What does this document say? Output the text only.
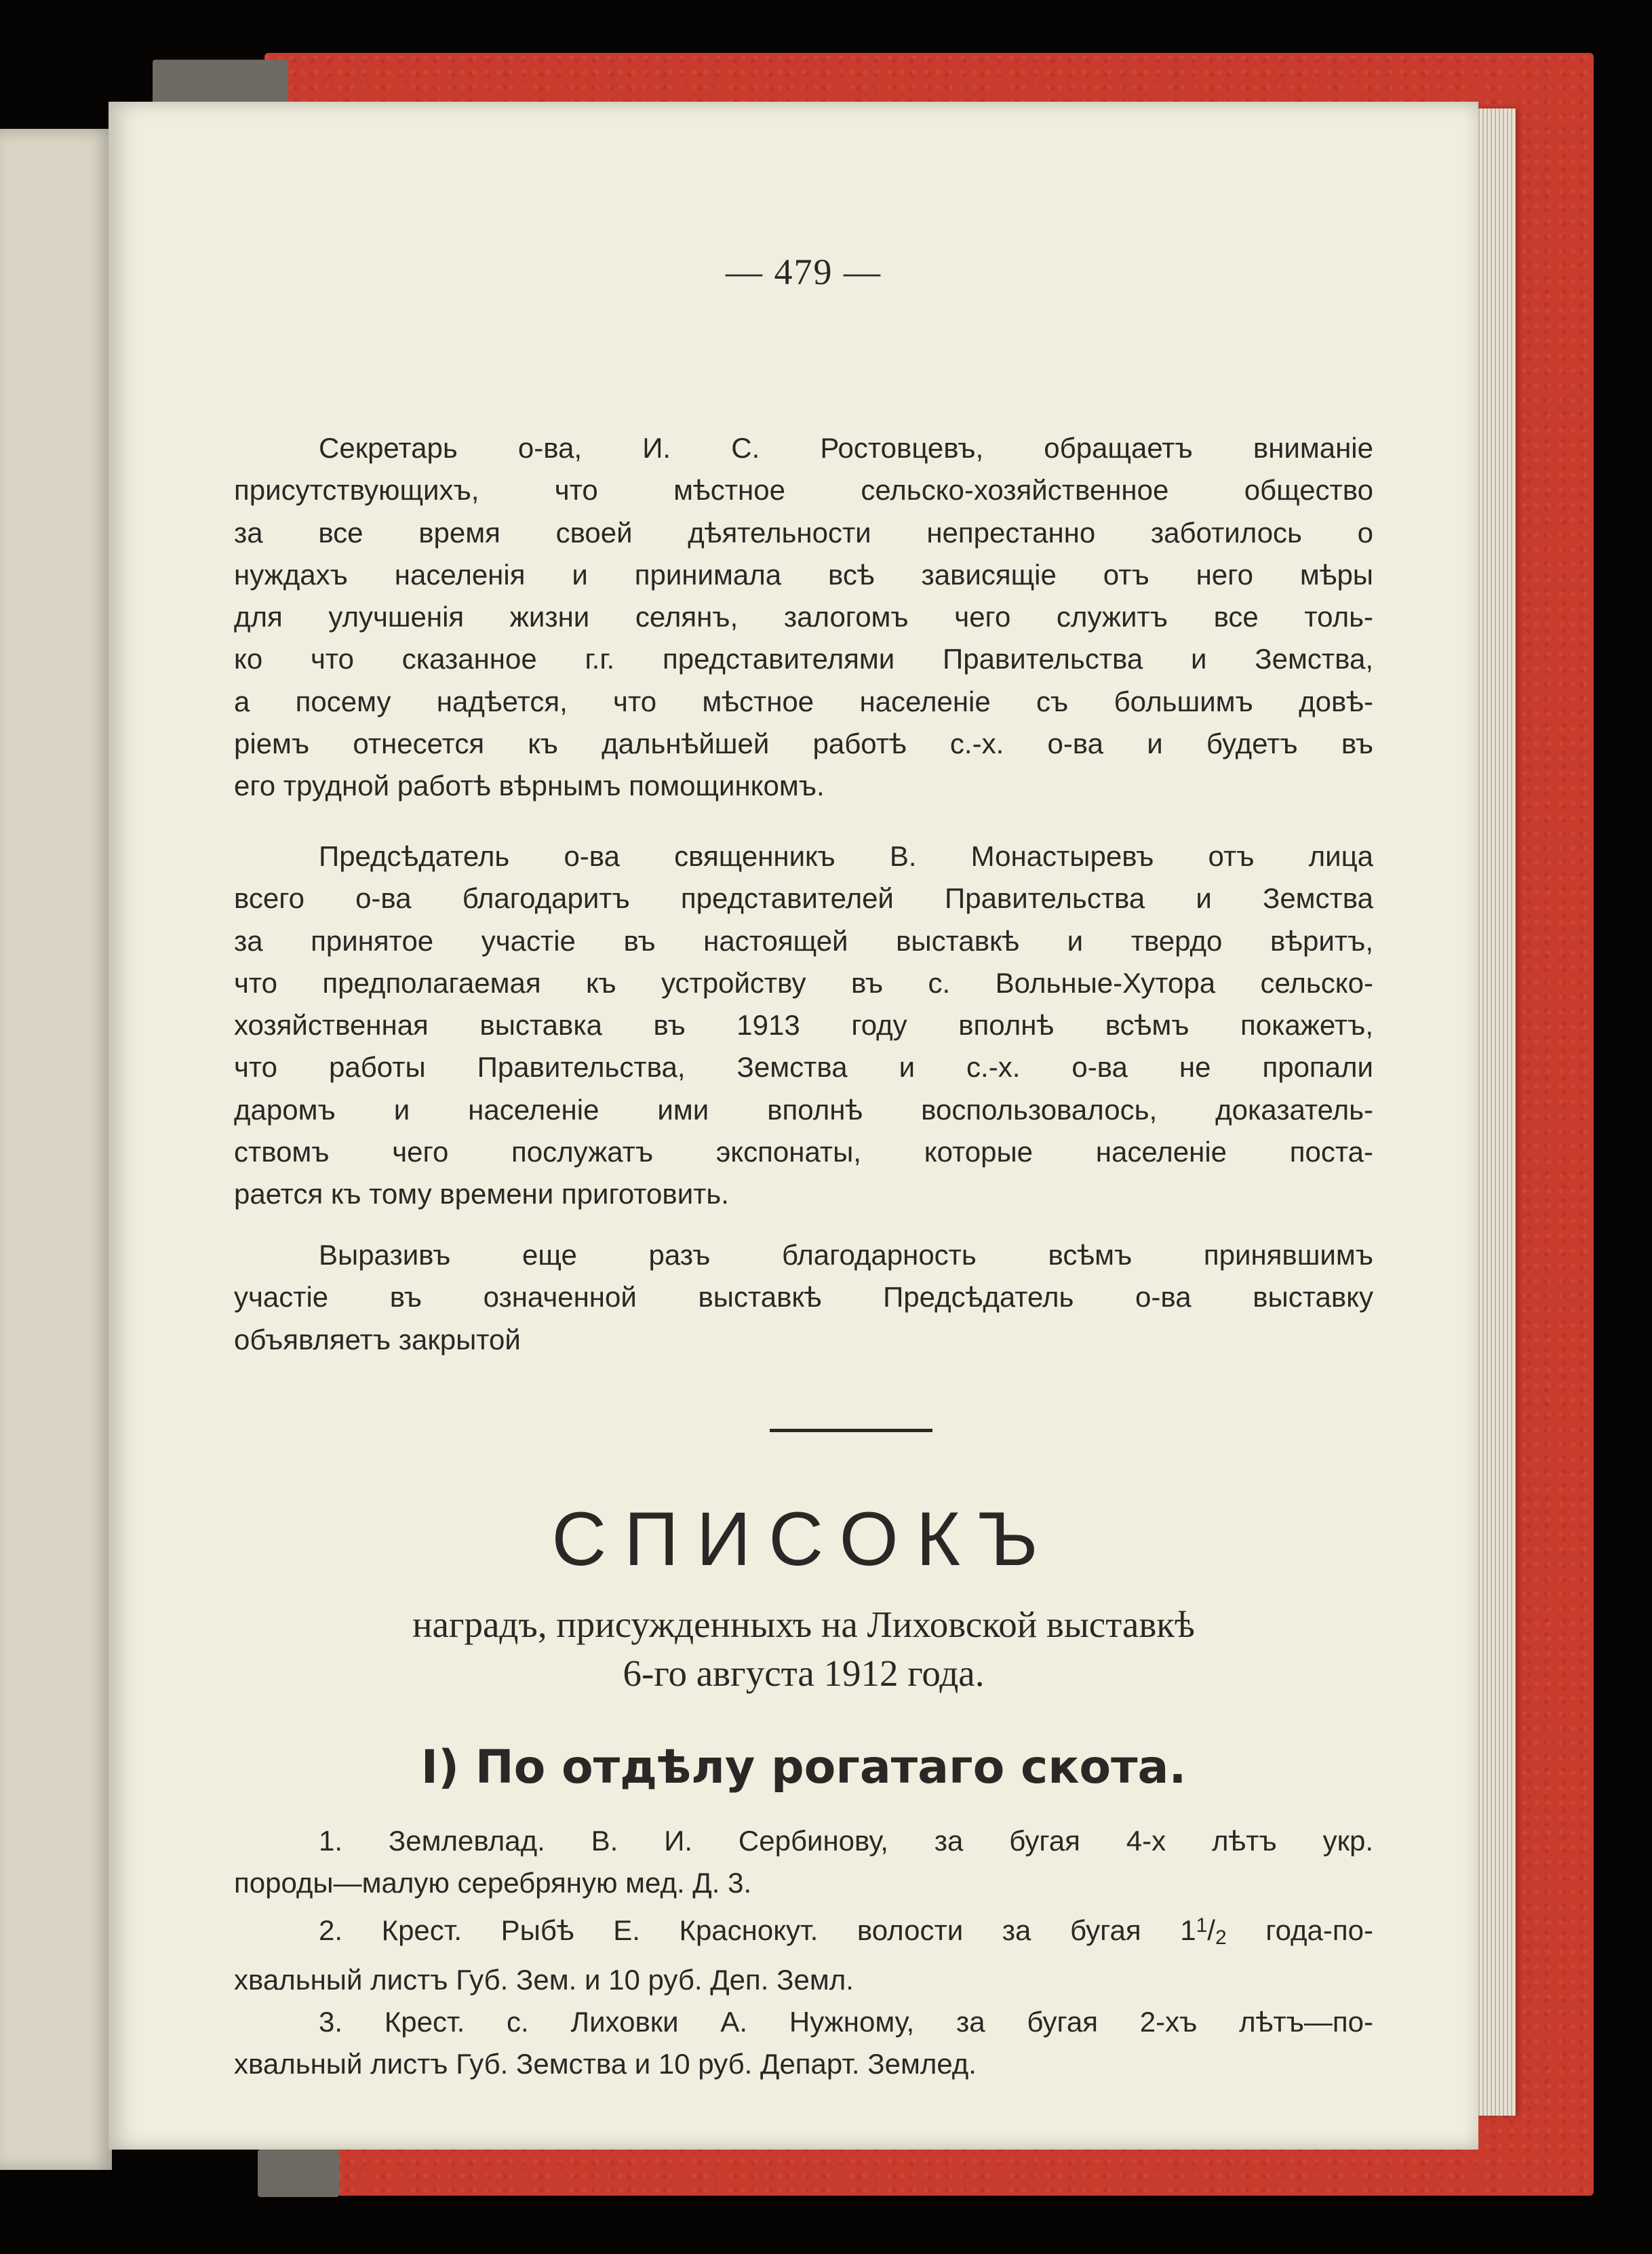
— 479 —
Секретарь о-ва, И. С. Ростовцевъ, обращаетъ вниманіе
присутствующихъ, что мѣстное сельско-хозяйственное общество
за все время своей дѣятельности непрестанно заботилось о
нуждахъ населенія и принимала всѣ зависящіе отъ него мѣры
для улучшенія жизни селянъ, залогомъ чего служитъ все толь-
ко что сказанное г.г. представителями Правительства и Земства,
а посему надѣется, что мѣстное населеніе съ большимъ довѣ-
ріемъ отнесется къ дальнѣйшей работѣ с.-х. о-ва и будетъ въ
его трудной работѣ вѣрнымъ помощинкомъ.
Предсѣдатель о-ва священникъ В. Монастыревъ отъ лица
всего о-ва благодаритъ представителей Правительства и Земства
за принятое участіе въ настоящей выставкѣ и твердо вѣритъ,
что предполагаемая къ устройству въ с. Вольные-Хутора сельско-
хозяйственная выставка въ 1913 году вполнѣ всѣмъ покажетъ,
что работы Правительства, Земства и с.-х. о-ва не пропали
даромъ и населеніе ими вполнѣ воспользовалось, доказатель-
ствомъ чего послужатъ экспонаты, которые населеніе поста-
рается къ тому времени приготовить.
Выразивъ еще разъ благодарность всѣмъ принявшимъ
участіе въ означенной выставкѣ Предсѣдатель о-ва выставку
объявляетъ закрытой
СПИСОКЪ
наградъ, присужденныхъ на Лиховской выставкѣ
6-го августа 1912 года.
I) По отдѣлу рогатаго скота.
1. Землевлад. В. И. Сербинову, за бугая 4-х лѣтъ укр.
породы—малую серебряную мед. Д. 3.
2. Крест. Рыбѣ Е. Краснокут. волости за бугая $1^1/2$ года-по-
хвальный листъ Губ. Зем. и 10 руб. Деп. Земл.
3. Крест. с. Лиховки А. Нужному, за бугая 2-хъ лѣтъ—по-
хвальный листъ Губ. Земства и 10 руб. Департ. Землед.
